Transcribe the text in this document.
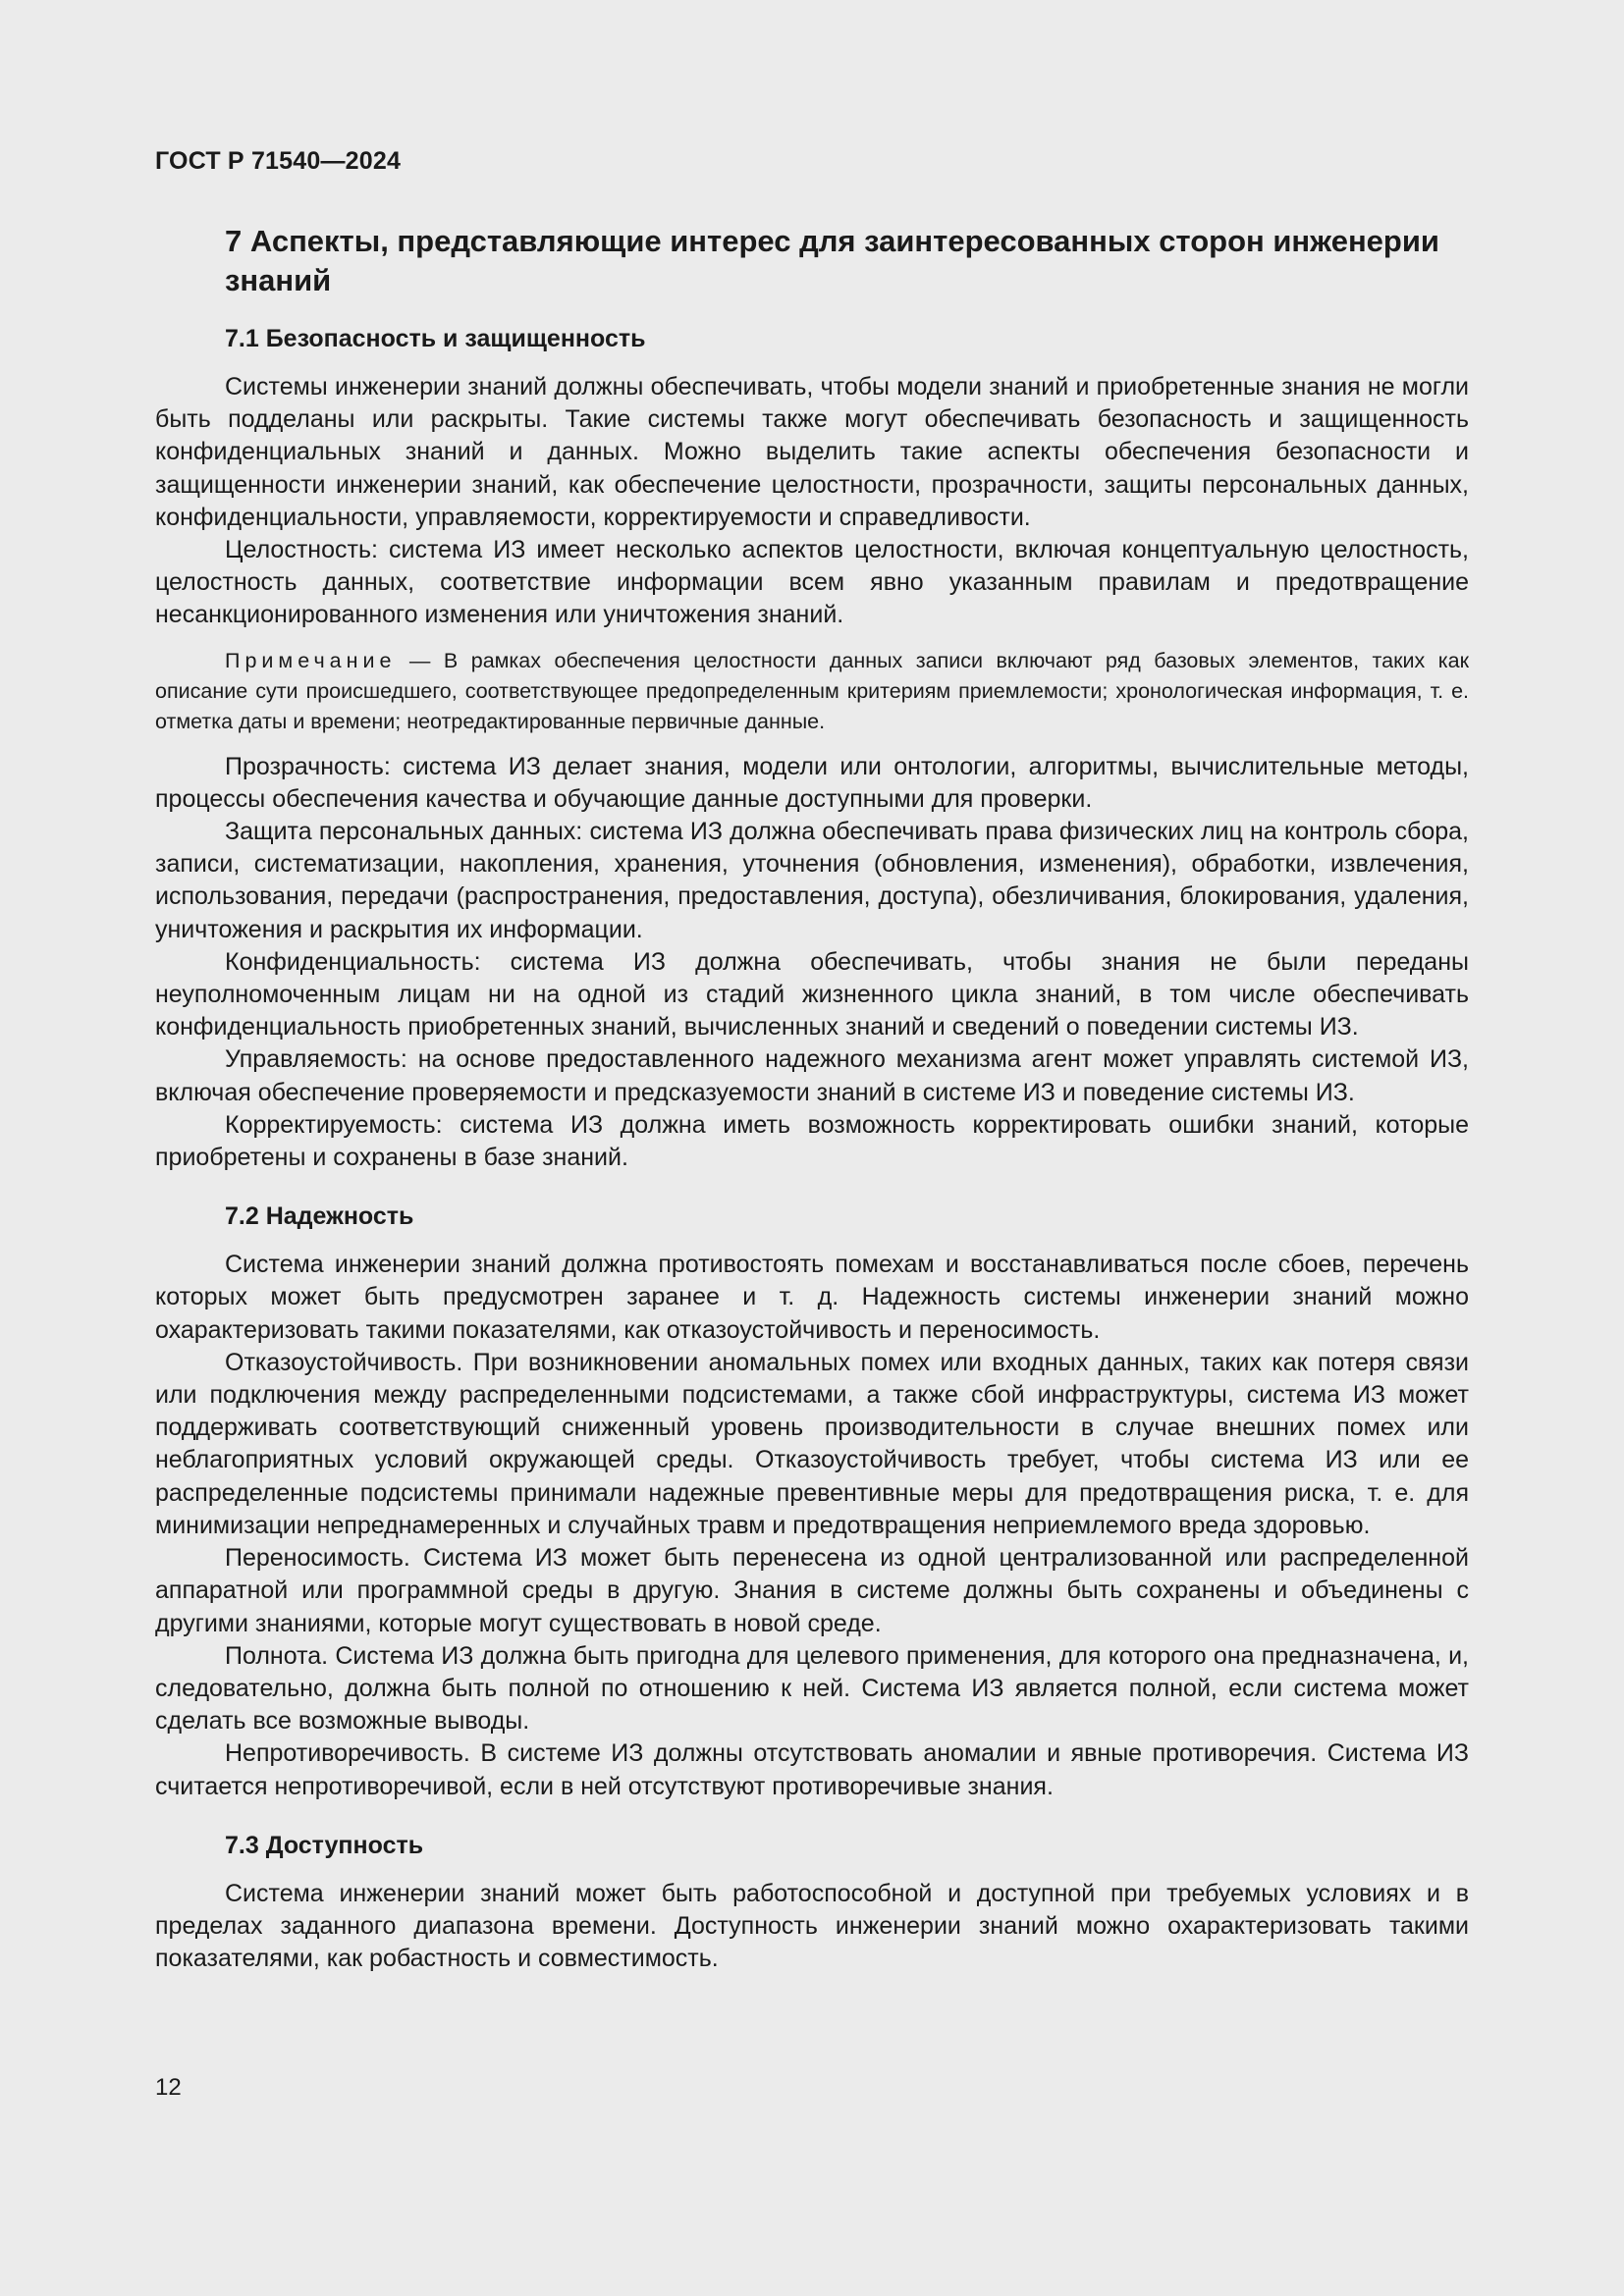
ГОСТ Р 71540—2024

7 Аспекты, представляющие интерес для заинтересованных сторон инженерии знаний
7.1 Безопасность и защищенность

Системы инженерии знаний должны обеспечивать, чтобы модели знаний и приобретенные знания не могли быть подделаны или раскрыты. Такие системы также могут обеспечивать безопасность и защищенность конфиденциальных знаний и данных. Можно выделить такие аспекты обеспечения безопасности и защищенности инженерии знаний, как обеспечение целостности, прозрачности, защиты персональных данных, конфиденциальности, управляемости, корректируемости и справедливости.

Целостность: система ИЗ имеет несколько аспектов целостности, включая концептуальную целостность, целостность данных, соответствие информации всем явно указанным правилам и предотвращение несанкционированного изменения или уничтожения знаний.

Примечание — В рамках обеспечения целостности данных записи включают ряд базовых элементов, таких как описание сути происшедшего, соответствующее предопределенным критериям приемлемости; хронологическая информация, т. е. отметка даты и времени; неотредактированные первичные данные.

Прозрачность: система ИЗ делает знания, модели или онтологии, алгоритмы, вычислительные методы, процессы обеспечения качества и обучающие данные доступными для проверки.

Защита персональных данных: система ИЗ должна обеспечивать права физических лиц на контроль сбора, записи, систематизации, накопления, хранения, уточнения (обновления, изменения), обработки, извлечения, использования, передачи (распространения, предоставления, доступа), обезличивания, блокирования, удаления, уничтожения и раскрытия их информации.

Конфиденциальность: система ИЗ должна обеспечивать, чтобы знания не были переданы неуполномоченным лицам ни на одной из стадий жизненного цикла знаний, в том числе обеспечивать конфиденциальность приобретенных знаний, вычисленных знаний и сведений о поведении системы ИЗ.

Управляемость: на основе предоставленного надежного механизма агент может управлять системой ИЗ, включая обеспечение проверяемости и предсказуемости знаний в системе ИЗ и поведение системы ИЗ.

Корректируемость: система ИЗ должна иметь возможность корректировать ошибки знаний, которые приобретены и сохранены в базе знаний.

7.2 Надежность

Система инженерии знаний должна противостоять помехам и восстанавливаться после сбоев, перечень которых может быть предусмотрен заранее и т. д. Надежность системы инженерии знаний можно охарактеризовать такими показателями, как отказоустойчивость и переносимость.

Отказоустойчивость. При возникновении аномальных помех или входных данных, таких как потеря связи или подключения между распределенными подсистемами, а также сбой инфраструктуры, система ИЗ может поддерживать соответствующий сниженный уровень производительности в случае внешних помех или неблагоприятных условий окружающей среды. Отказоустойчивость требует, чтобы система ИЗ или ее распределенные подсистемы принимали надежные превентивные меры для предотвращения риска, т. е. для минимизации непреднамеренных и случайных травм и предотвращения неприемлемого вреда здоровью.

Переносимость. Система ИЗ может быть перенесена из одной централизованной или распределенной аппаратной или программной среды в другую. Знания в системе должны быть сохранены и объединены с другими знаниями, которые могут существовать в новой среде.

Полнота. Система ИЗ должна быть пригодна для целевого применения, для которого она предназначена, и, следовательно, должна быть полной по отношению к ней. Система ИЗ является полной, если система может сделать все возможные выводы.

Непротиворечивость. В системе ИЗ должны отсутствовать аномалии и явные противоречия. Система ИЗ считается непротиворечивой, если в ней отсутствуют противоречивые знания.

7.3 Доступность

Система инженерии знаний может быть работоспособной и доступной при требуемых условиях и в пределах заданного диапазона времени. Доступность инженерии знаний можно охарактеризовать такими показателями, как робастность и совместимость.

12
